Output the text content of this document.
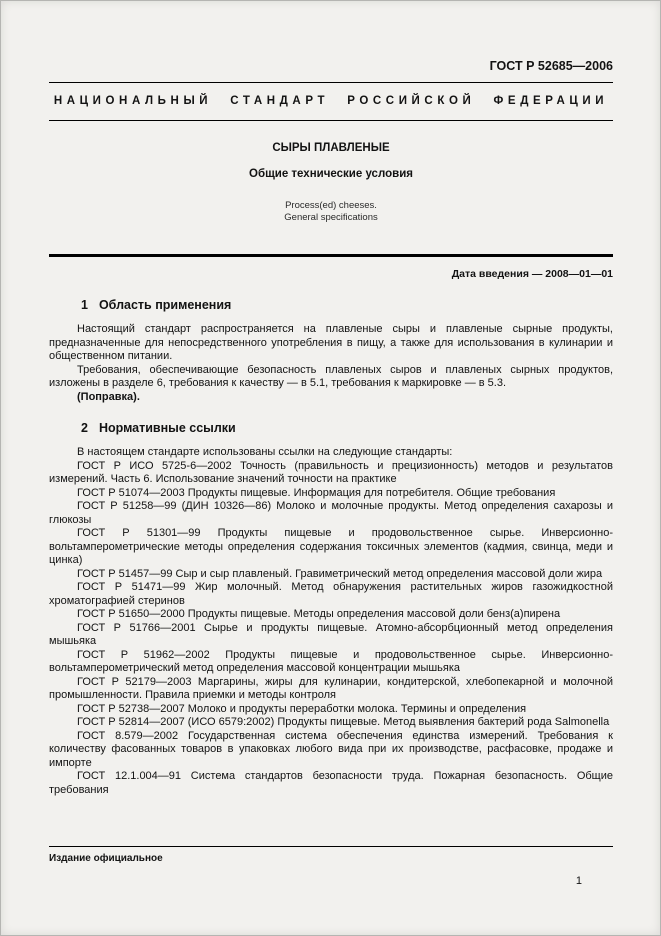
ГОСТ Р 52685—2006
НАЦИОНАЛЬНЫЙ СТАНДАРТ РОССИЙСКОЙ ФЕДЕРАЦИИ
СЫРЫ ПЛАВЛЕНЫЕ
Общие технические условия
Process(ed) cheeses.
General specifications
Дата введения — 2008—01—01
1 Область применения

Настоящий стандарт распространяется на плавленые сыры и плавленые сырные продукты, предназначенные для непосредственного употребления в пищу, а также для использования в кулинарии и общественном питании.

Требования, обеспечивающие безопасность плавленых сыров и плавленых сырных продуктов, изложены в разделе 6, требования к качеству — в 5.1, требования к маркировке — в 5.3.

(Поправка).

2 Нормативные ссылки

В настоящем стандарте использованы ссылки на следующие стандарты:

ГОСТ Р ИСО 5725-6—2002 Точность (правильность и прецизионность) методов и результатов измерений. Часть 6. Использование значений точности на практике

ГОСТ Р 51074—2003 Продукты пищевые. Информация для потребителя. Общие требования

ГОСТ Р 51258—99 (ДИН 10326—86) Молоко и молочные продукты. Метод определения сахарозы и глюкозы

ГОСТ Р 51301—99 Продукты пищевые и продовольственное сырье. Инверсионно-вольтамперометрические методы определения содержания токсичных элементов (кадмия, свинца, меди и цинка)

ГОСТ Р 51457—99 Сыр и сыр плавленый. Гравиметрический метод определения массовой доли жира

ГОСТ Р 51471—99 Жир молочный. Метод обнаружения растительных жиров газожидкостной хроматографией стеринов

ГОСТ Р 51650—2000 Продукты пищевые. Методы определения массовой доли бенз(а)пирена

ГОСТ Р 51766—2001 Сырье и продукты пищевые. Атомно-абсорбционный метод определения мышьяка

ГОСТ Р 51962—2002 Продукты пищевые и продовольственное сырье. Инверсионно-вольтамперометрический метод определения массовой концентрации мышьяка

ГОСТ Р 52179—2003 Маргарины, жиры для кулинарии, кондитерской, хлебопекарной и молочной промышленности. Правила приемки и методы контроля

ГОСТ Р 52738—2007 Молоко и продукты переработки молока. Термины и определения

ГОСТ Р 52814—2007 (ИСО 6579:2002) Продукты пищевые. Метод выявления бактерий рода Salmonella

ГОСТ 8.579—2002 Государственная система обеспечения единства измерений. Требования к количеству фасованных товаров в упаковках любого вида при их производстве, расфасовке, продаже и импорте

ГОСТ 12.1.004—91 Система стандартов безопасности труда. Пожарная безопасность. Общие требования

Издание официальное
1
